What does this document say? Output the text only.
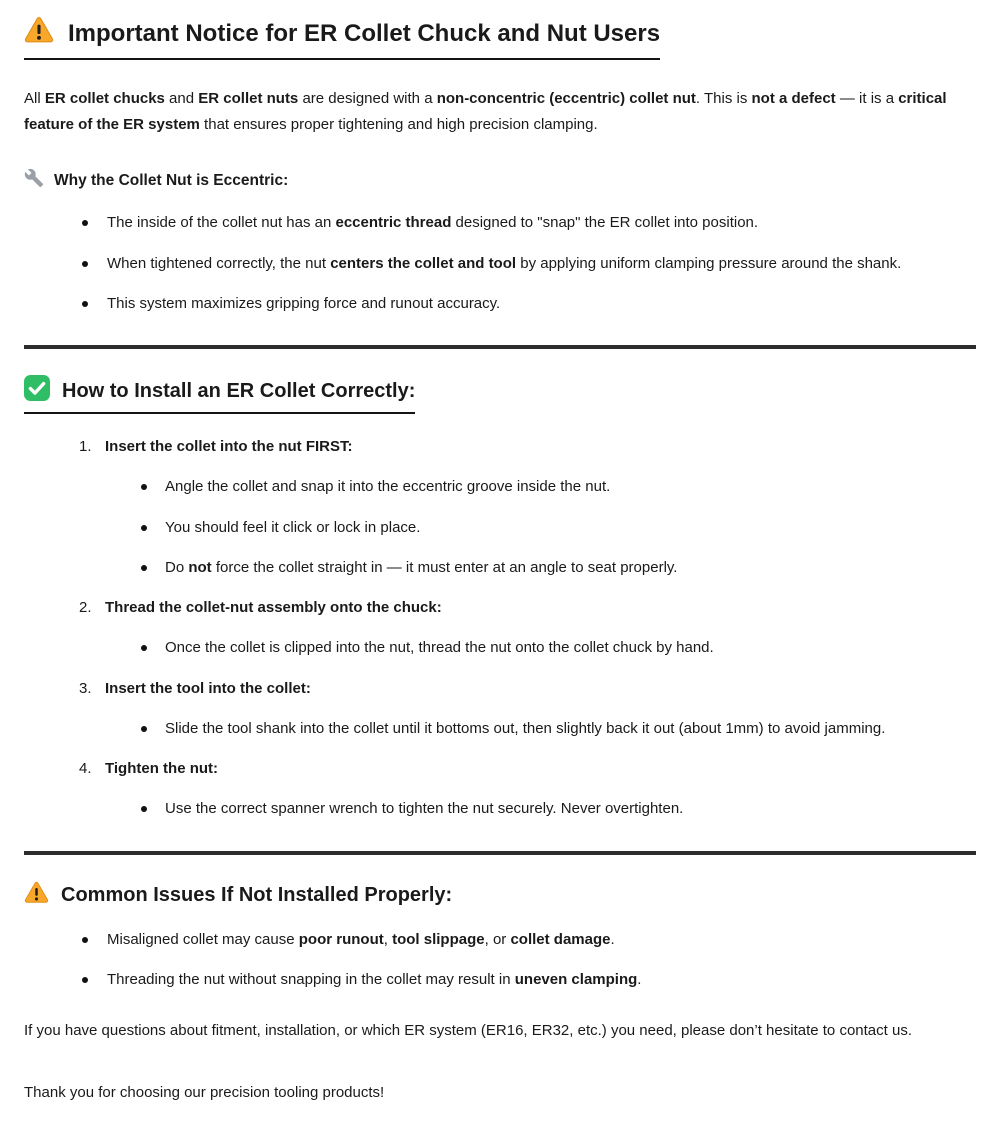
Important Notice for ER Collet Chuck and Nut Users

All ER collet chucks and ER collet nuts are designed with a non-concentric (eccentric) collet nut. This is not a defect — it is a critical feature of the ER system that ensures proper tightening and high precision clamping.

Why the Collet Nut is Eccentric:
The inside of the collet nut has an eccentric thread designed to "snap" the ER collet into position.
When tightened correctly, the nut centers the collet and tool by applying uniform clamping pressure around the shank.
This system maximizes gripping force and runout accuracy.
How to Install an ER Collet Correctly:
1. Insert the collet into the nut FIRST:
Angle the collet and snap it into the eccentric groove inside the nut.
You should feel it click or lock in place.
Do not force the collet straight in — it must enter at an angle to seat properly.
2. Thread the collet-nut assembly onto the chuck:
Once the collet is clipped into the nut, thread the nut onto the collet chuck by hand.
3. Insert the tool into the collet:
Slide the tool shank into the collet until it bottoms out, then slightly back it out (about 1mm) to avoid jamming.
4. Tighten the nut:
Use the correct spanner wrench to tighten the nut securely. Never overtighten.
Common Issues If Not Installed Properly:
Misaligned collet may cause poor runout, tool slippage, or collet damage.
Threading the nut without snapping in the collet may result in uneven clamping.

If you have questions about fitment, installation, or which ER system (ER16, ER32, etc.) you need, please don’t hesitate to contact us.

Thank you for choosing our precision tooling products!
